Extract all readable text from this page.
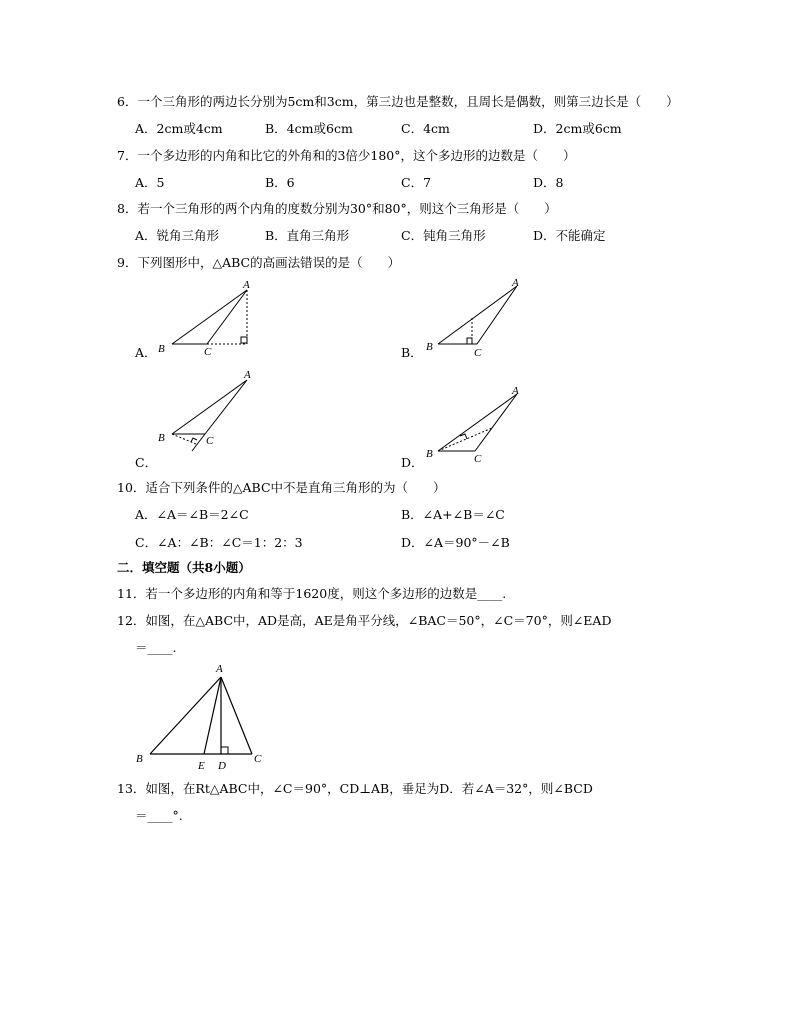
6．一个三角形的两边长分别为5cm和3cm，第三边也是整数，且周长是偶数，则第三边长是（　　）
A．2cm或4cm	B．4cm或6cm	C．4cm	D．2cm或6cm
7．一个多边形的内角和比它的外角和的3倍少180°，这个多边形的边数是（　　）
A．5	B．6	C．7	D．8
8．若一个三角形的两个内角的度数分别为30°和80°，则这个三角形是（　　）
A．锐角三角形	B．直角三角形	C．钝角三角形	D．不能确定
9．下列图形中，△ABC的高画法错误的是（　　）
A．	B．
C．	D．
A
B	C
A
B	C
A
B	C
A
B	C
10．适合下列条件的△ABC中不是直角三角形的为（　　）
A．∠A＝∠B＝2∠C	B．∠A+∠B＝∠C
C．∠A：∠B：∠C＝1：2：3	D．∠A＝90°－∠B
二．填空题（共8小题）
11．若一个多边形的内角和等于1620度，则这个多边形的边数是____.
12．如图，在△ABC中，AD是高，AE是角平分线，∠BAC＝50°，∠C＝70°，则∠EAD
＝____.
A
B	C
D
E
13．如图，在Rt△ABC中，∠C＝90°，CD⊥AB，垂足为D．若∠A＝32°，则∠BCD
＝____°.
